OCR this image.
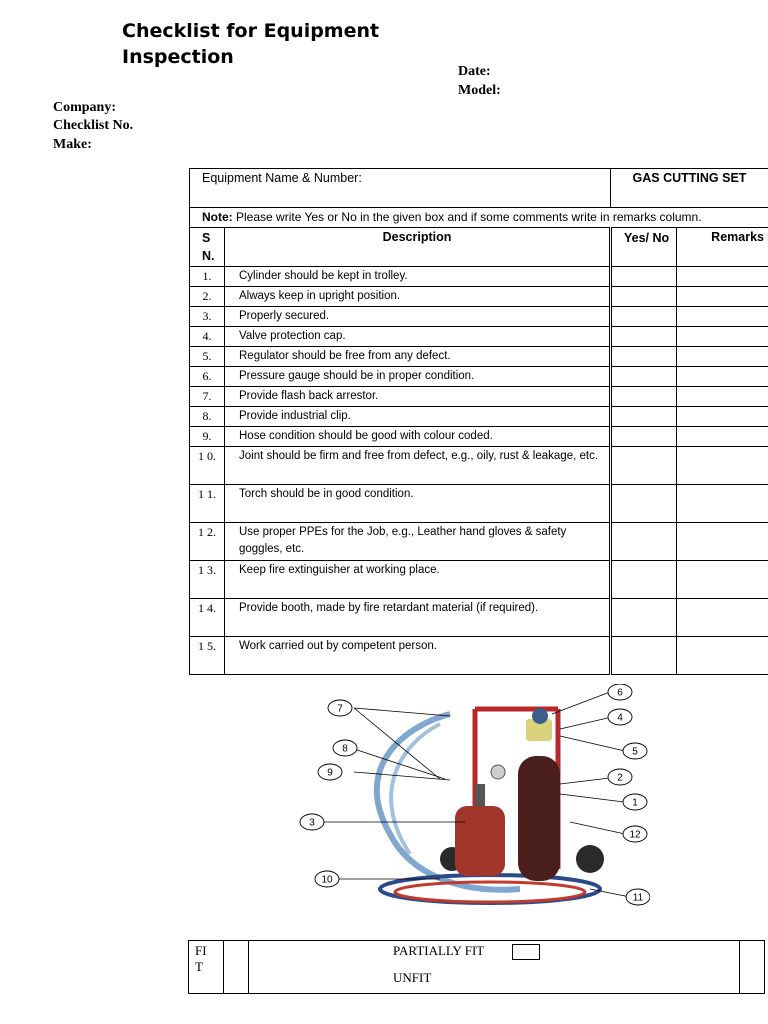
Checklist for Equipment Inspection
Date:
Model:
Company:
Checklist No.
Make:
Equipment Name & Number:		GAS CUTTING SET	
Note: Please write Yes or No in the given box and if some comments write in remarks column.			
S N.	Description	Yes/ No	Remarks
1.	Cylinder should be kept in trolley.		
2.	Always keep in upright position.		
3.	Properly secured.		
4.	Valve protection cap.		
5.	Regulator should be free from any defect.		
6.	Pressure gauge should be in proper condition.		
7.	Provide flash back arrestor.		
8.	Provide industrial clip.		
9.	Hose condition should be good with colour coded.		
1 0.	Joint should be firm and free from defect, e.g., oily, rust & leakage, etc.		
1 1.	Torch should be in good condition.		
1 2.	Use proper PPEs for the Job, e.g., Leather hand gloves & safety goggles, etc.		
1 3.	Keep fire extinguisher at working place.		
1 4.	Provide booth, made by fire retardant material (if required).		
1 5.	Work carried out by competent person.		
7
8
9
3
10
6
4
5
2
1
12
11
FI T		
PARTIALLY FIT
UNFIT
